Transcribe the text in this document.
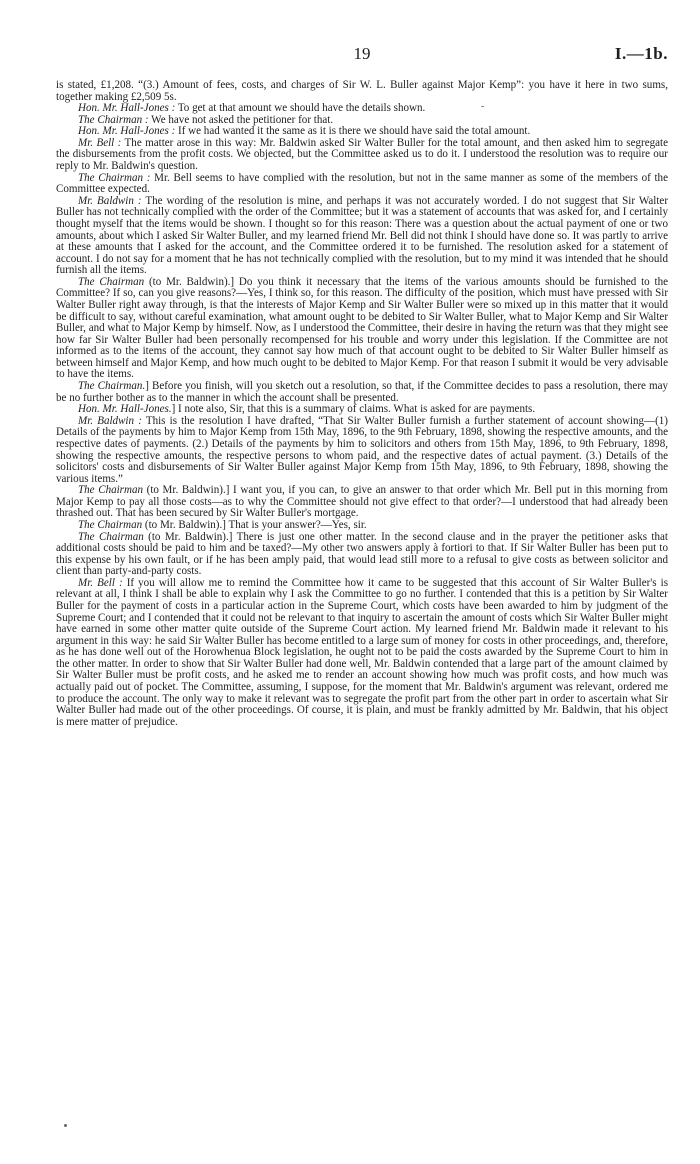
19	I.—1b.
-

is stated, £1,208. “(3.) Amount of fees, costs, and charges of Sir W. L. Buller against Major Kemp”: you have it here in two sums, together making £2,509 5s.

Hon. Mr. Hall-Jones : To get at that amount we should have the details shown.

The Chairman : We have not asked the petitioner for that.

Hon. Mr. Hall-Jones : If we had wanted it the same as it is there we should have said the total amount.

Mr. Bell : The matter arose in this way: Mr. Baldwin asked Sir Walter Buller for the total amount, and then asked him to segregate the disbursements from the profit costs. We objected, but the Committee asked us to do it. I understood the resolution was to require our reply to Mr. Baldwin's question.

The Chairman : Mr. Bell seems to have complied with the resolution, but not in the same manner as some of the members of the Committee expected.

Mr. Baldwin : The wording of the resolution is mine, and perhaps it was not accurately worded. I do not suggest that Sir Walter Buller has not technically complied with the order of the Committee; but it was a statement of accounts that was asked for, and I certainly thought myself that the items would be shown. I thought so for this reason: There was a question about the actual payment of one or two amounts, about which I asked Sir Walter Buller, and my learned friend Mr. Bell did not think I should have done so. It was partly to arrive at these amounts that I asked for the account, and the Committee ordered it to be furnished. The resolution asked for a statement of account. I do not say for a moment that he has not technically complied with the resolution, but to my mind it was intended that he should furnish all the items.

The Chairman (to Mr. Baldwin).] Do you think it necessary that the items of the various amounts should be furnished to the Committee? If so, can you give reasons?—Yes, I think so, for this reason. The difficulty of the position, which must have pressed with Sir Walter Buller right away through, is that the interests of Major Kemp and Sir Walter Buller were so mixed up in this matter that it would be difficult to say, without careful examination, what amount ought to be debited to Sir Walter Buller, what to Major Kemp and Sir Walter Buller, and what to Major Kemp by himself. Now, as I understood the Committee, their desire in having the return was that they might see how far Sir Walter Buller had been personally recompensed for his trouble and worry under this legislation. If the Committee are not informed as to the items of the account, they cannot say how much of that account ought to be debited to Sir Walter Buller himself as between himself and Major Kemp, and how much ought to be debited to Major Kemp. For that reason I submit it would be very advisable to have the items.

The Chairman.] Before you finish, will you sketch out a resolution, so that, if the Committee decides to pass a resolution, there may be no further bother as to the manner in which the account shall be presented.

Hon. Mr. Hall-Jones.] I note also, Sir, that this is a summary of claims. What is asked for are payments.

Mr. Baldwin : This is the resolution I have drafted, “That Sir Walter Buller furnish a further statement of account showing—(1) Details of the payments by him to Major Kemp from 15th May, 1896, to the 9th February, 1898, showing the respective amounts, and the respective dates of payments. (2.) Details of the payments by him to solicitors and others from 15th May, 1896, to 9th February, 1898, showing the respective amounts, the respective persons to whom paid, and the respective dates of actual payment. (3.) Details of the solicitors' costs and disbursements of Sir Walter Buller against Major Kemp from 15th May, 1896, to 9th February, 1898, showing the various items.”

The Chairman (to Mr. Baldwin).] I want you, if you can, to give an answer to that order which Mr. Bell put in this morning from Major Kemp to pay all those costs—as to why the Committee should not give effect to that order?—I understood that had already been thrashed out. That has been secured by Sir Walter Buller's mortgage.

The Chairman (to Mr. Baldwin).] That is your answer?—Yes, sir.

The Chairman (to Mr. Baldwin).] There is just one other matter. In the second clause and in the prayer the petitioner asks that additional costs should be paid to him and be taxed?—My other two answers apply à fortiori to that. If Sir Walter Buller has been put to this expense by his own fault, or if he has been amply paid, that would lead still more to a refusal to give costs as between solicitor and client than party-and-party costs.

Mr. Bell : If you will allow me to remind the Committee how it came to be suggested that this account of Sir Walter Buller's is relevant at all, I think I shall be able to explain why I ask the Committee to go no further. I contended that this is a petition by Sir Walter Buller for the payment of costs in a particular action in the Supreme Court, which costs have been awarded to him by judgment of the Supreme Court; and I contended that it could not be relevant to that inquiry to ascertain the amount of costs which Sir Walter Buller might have earned in some other matter quite outside of the Supreme Court action. My learned friend Mr. Baldwin made it relevant to his argument in this way: he said Sir Walter Buller has become entitled to a large sum of money for costs in other proceedings, and, therefore, as he has done well out of the Horowhenua Block legislation, he ought not to be paid the costs awarded by the Supreme Court to him in the other matter. In order to show that Sir Walter Buller had done well, Mr. Baldwin contended that a large part of the amount claimed by Sir Walter Buller must be profit costs, and he asked me to render an account showing how much was profit costs, and how much was actually paid out of pocket. The Committee, assuming, I suppose, for the moment that Mr. Baldwin's argument was relevant, ordered me to produce the account. The only way to make it relevant was to segregate the profit part from the other part in order to ascertain what Sir Walter Buller had made out of the other proceedings. Of course, it is plain, and must be frankly admitted by Mr. Baldwin, that his object is mere matter of prejudice.
